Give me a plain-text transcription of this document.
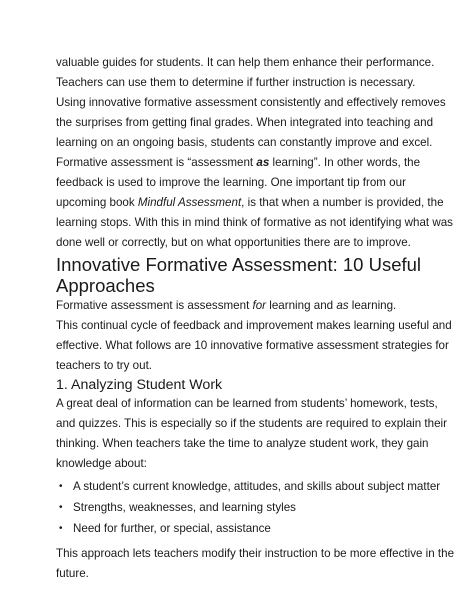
valuable guides for students. It can help them enhance their performance.

Teachers can use them to determine if further instruction is necessary.

Using innovative formative assessment consistently and effectively removes

the surprises from getting final grades. When integrated into teaching and

learning on an ongoing basis, students can constantly improve and excel.

Formative assessment is “assessment as learning”. In other words, the

feedback is used to improve the learning. One important tip from our

upcoming book Mindful Assessment, is that when a number is provided, the

learning stops. With this in mind think of formative as not identifying what was

done well or correctly, but on what opportunities there are to improve.

Innovative Formative Assessment: 10 Useful
Approaches

Formative assessment is assessment for learning and as learning.

This continual cycle of feedback and improvement makes learning useful and

effective. What follows are 10 innovative formative assessment strategies for

teachers to try out.

1. Analyzing Student Work

A great deal of information can be learned from students’ homework, tests,

and quizzes. This is especially so if the students are required to explain their

thinking. When teachers take the time to analyze student work, they gain

knowledge about:

• A student’s current knowledge, attitudes, and skills about subject matter
• Strengths, weaknesses, and learning styles
• Need for further, or special, assistance

This approach lets teachers modify their instruction to be more effective in the

future.
